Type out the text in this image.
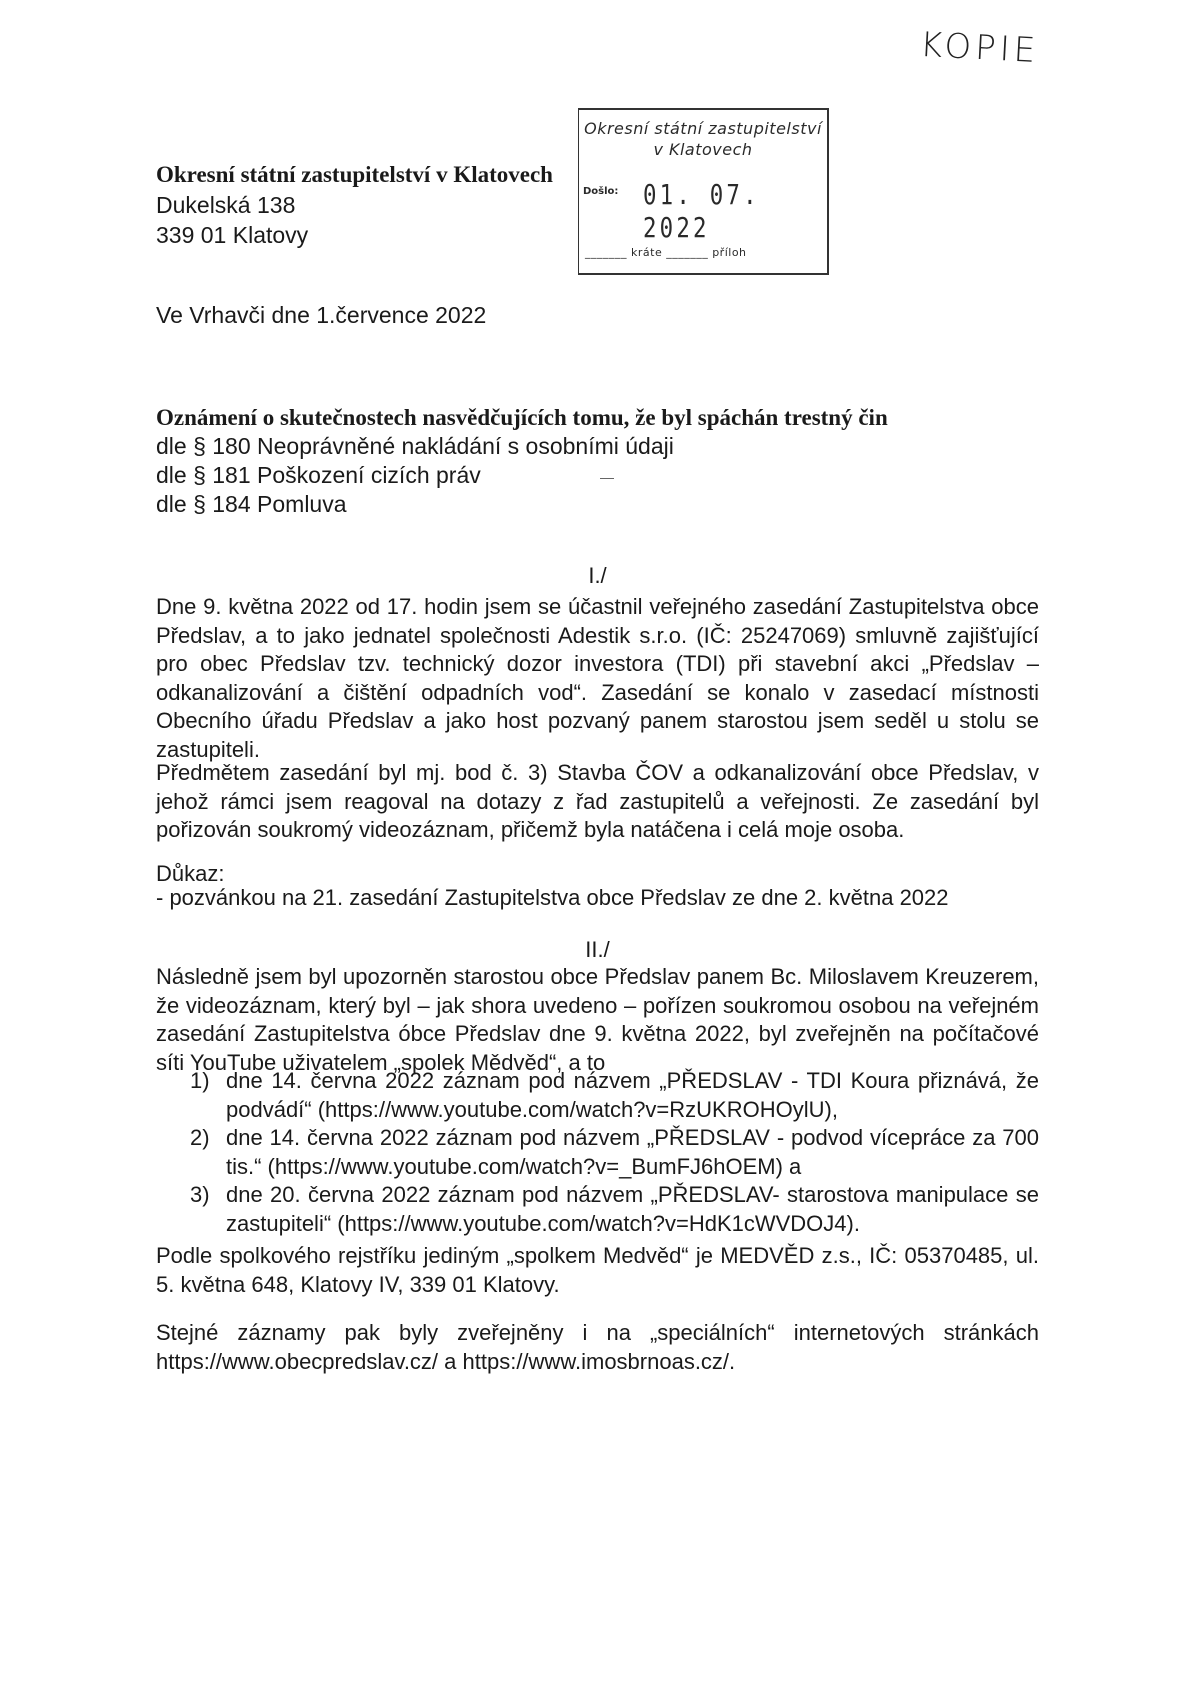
KOPIE
Okresní státní zastupitelství
v Klatovech
Došlo: 01. 07. 2022
_______ kráte _______ příloh
Okresní státní zastupitelství v Klatovech
Dukelská 138
339 01 Klatovy
Ve Vrhavči dne 1.července 2022
Oznámení o skutečnostech nasvědčujících tomu, že byl spáchán trestný čin
dle § 180 Neoprávněné nakládání s osobními údaji
dle § 181 Poškození cizích práv
dle § 184 Pomluva
I./
Dne 9. května 2022 od 17. hodin jsem se účastnil veřejného zasedání Zastupitelstva obce Předslav, a to jako jednatel společnosti Adestik s.r.o. (IČ: 25247069) smluvně zajišťující pro obec Předslav tzv. technický dozor investora (TDI) při stavební akci „Předslav – odkanalizování a čištění odpadních vod“. Zasedání se konalo v zasedací místnosti Obecního úřadu Předslav a jako host pozvaný panem starostou jsem seděl u stolu se zastupiteli.
Předmětem zasedání byl mj. bod č. 3) Stavba ČOV a odkanalizování obce Předslav, v jehož rámci jsem reagoval na dotazy z řad zastupitelů a veřejnosti. Ze zasedání byl pořizován soukromý videozáznam, přičemž byla natáčena i celá moje osoba.
Důkaz:
- pozvánkou na 21. zasedání Zastupitelstva obce Předslav ze dne 2. května 2022
II./
Následně jsem byl upozorněn starostou obce Předslav panem Bc. Miloslavem Kreuzerem, že videozáznam, který byl – jak shora uvedeno – pořízen soukromou osobou na veřejném zasedání Zastupitelstva óbce Předslav dne 9. května 2022, byl zveřejněn na počítačové síti YouTube uživatelem „spolek Mědvěd“, a to
1) dne 14. června 2022 záznam pod názvem „PŘEDSLAV - TDI Koura přiznává, že podvádí“ (https://www.youtube.com/watch?v=RzUKROHOylU),
2) dne 14. června 2022 záznam pod názvem „PŘEDSLAV - podvod vícepráce za 700 tis.“ (https://www.youtube.com/watch?v=_BumFJ6hOEM) a
3) dne 20. června 2022 záznam pod názvem „PŘEDSLAV- starostova manipulace se zastupiteli“ (https://www.youtube.com/watch?v=HdK1cWVDOJ4).
Podle spolkového rejstříku jediným „spolkem Medvěd“ je MEDVĚD z.s., IČ: 05370485, ul. 5. května 648, Klatovy IV, 339 01 Klatovy.
Stejné záznamy pak byly zveřejněny i na „speciálních“ internetových stránkách https://www.obecpredslav.cz/ a https://www.imosbrnoas.cz/.
